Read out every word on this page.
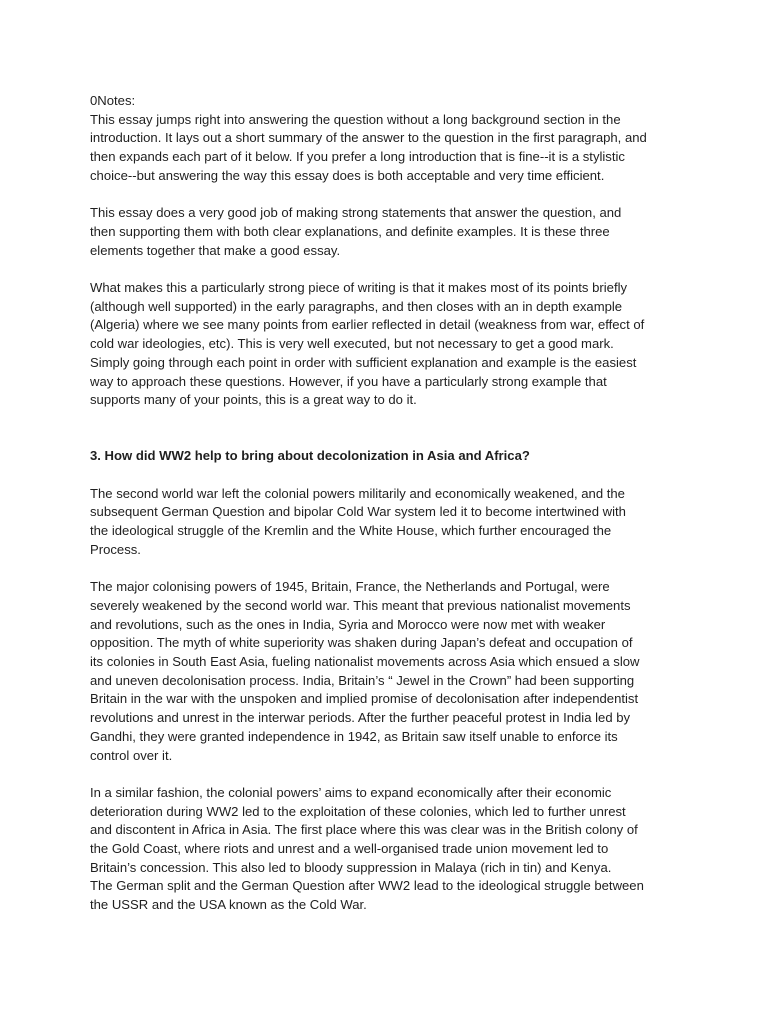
0Notes:

This essay jumps right into answering the question without a long background section in the
introduction. It lays out a short summary of the answer to the question in the first paragraph, and
then expands each part of it below. If you prefer a long introduction that is fine--it is a stylistic
choice--but answering the way this essay does is both acceptable and very time efficient.

This essay does a very good job of making strong statements that answer the question, and
then supporting them with both clear explanations, and definite examples. It is these three
elements together that make a good essay.

What makes this a particularly strong piece of writing is that it makes most of its points briefly
(although well supported) in the early paragraphs, and then closes with an in depth example
(Algeria) where we see many points from earlier reflected in detail (weakness from war, effect of
cold war ideologies, etc). This is very well executed, but not necessary to get a good mark.
Simply going through each point in order with sufficient explanation and example is the easiest
way to approach these questions. However, if you have a particularly strong example that
supports many of your points, this is a great way to do it.

3. How did WW2 help to bring about decolonization in Asia and Africa?

The second world war left the colonial powers militarily and economically weakened, and the
subsequent German Question and bipolar Cold War system led it to become intertwined with
the ideological struggle of the Kremlin and the White House, which further encouraged the
Process.

The major colonising powers of 1945, Britain, France, the Netherlands and Portugal, were
severely weakened by the second world war. This meant that previous nationalist movements
and revolutions, such as the ones in India, Syria and Morocco were now met with weaker
opposition. The myth of white superiority was shaken during Japan’s defeat and occupation of
its colonies in South East Asia, fueling nationalist movements across Asia which ensued a slow
and uneven decolonisation process. India, Britain’s “ Jewel in the Crown” had been supporting
Britain in the war with the unspoken and implied promise of decolonisation after independentist
revolutions and unrest in the interwar periods. After the further peaceful protest in India led by
Gandhi, they were granted independence in 1942, as Britain saw itself unable to enforce its
control over it.

In a similar fashion, the colonial powers’ aims to expand economically after their economic
deterioration during WW2 led to the exploitation of these colonies, which led to further unrest
and discontent in Africa in Asia. The first place where this was clear was in the British colony of
the Gold Coast, where riots and unrest and a well-organised trade union movement led to
Britain’s concession. This also led to bloody suppression in Malaya (rich in tin) and Kenya.
The German split and the German Question after WW2 lead to the ideological struggle between
the USSR and the USA known as the Cold War.
